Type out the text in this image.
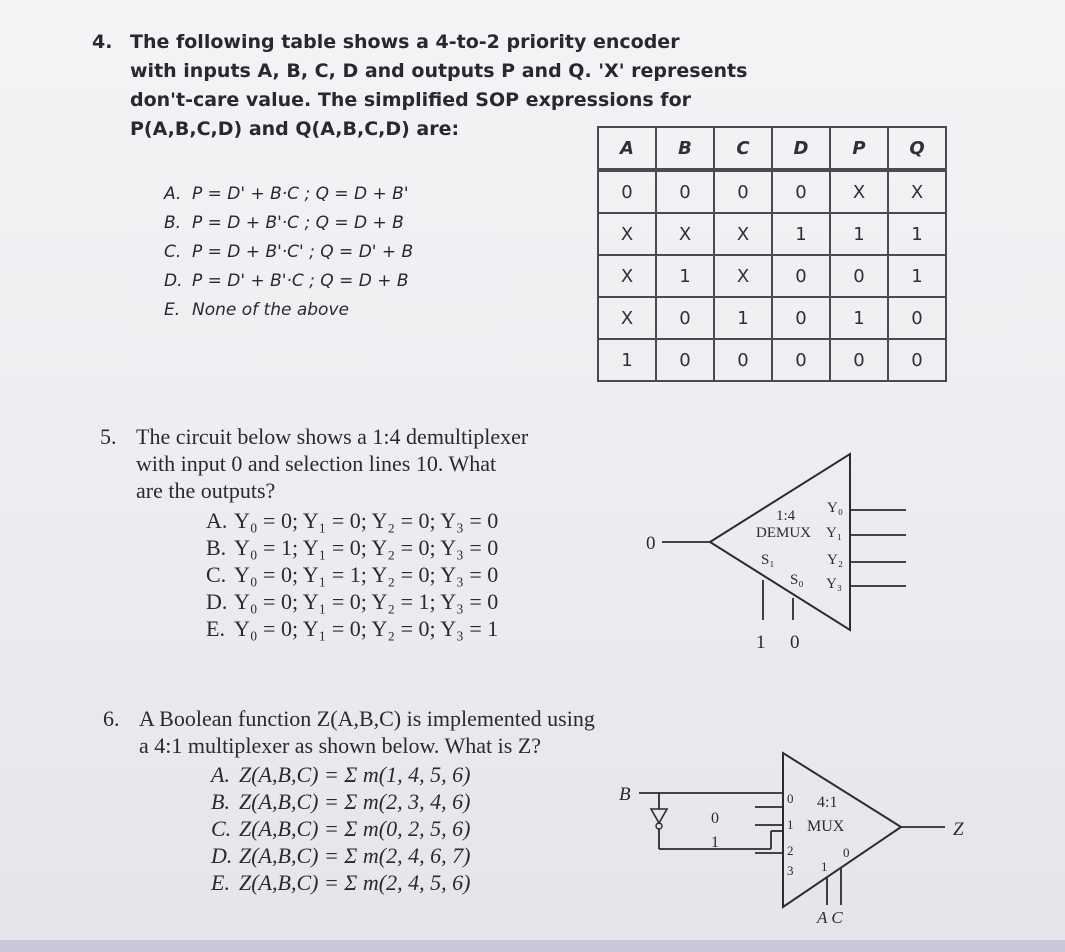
4. The following table shows a 4-to-2 priority encoder
with inputs A, B, C, D and outputs P and Q. 'X' represents
don't-care value. The simplified SOP expressions for
P(A,B,C,D) and Q(A,B,C,D) are:
A. P = D' + B·C ; Q = D + B'
B. P = D + B'·C ; Q = D + B
C. P = D + B'·C' ; Q = D' + B
D. P = D' + B'·C ; Q = D + B
E. None of the above
A	B	C	D	P	Q
0	0	0	0	X	X
X	X	X	1	1	1
X	1	X	0	0	1
X	0	1	0	1	0
1	0	0	0	0	0
5. The circuit below shows a 1:4 demultiplexer
with input 0 and selection lines 10. What
are the outputs?
A. Y₀ = 0; Y₁ = 0; Y₂ = 0; Y₃ = 0
B. Y₀ = 1; Y₁ = 0; Y₂ = 0; Y₃ = 0
C. Y₀ = 0; Y₁ = 1; Y₂ = 0; Y₃ = 0
D. Y₀ = 0; Y₁ = 0; Y₂ = 1; Y₃ = 0
E. Y₀ = 0; Y₁ = 0; Y₂ = 0; Y₃ = 1
0
1:4
DEMUX
Y₀
Y₁
Y₂
Y₃
S₁
S₀
1 0
6. A Boolean function Z(A,B,C) is implemented using
a 4:1 multiplexer as shown below. What is Z?
A. Z(A,B,C) = Σ m(1, 4, 5, 6)
B. Z(A,B,C) = Σ m(2, 3, 4, 6)
C. Z(A,B,C) = Σ m(0, 2, 5, 6)
D. Z(A,B,C) = Σ m(2, 4, 6, 7)
E. Z(A,B,C) = Σ m(2, 4, 5, 6)
B
0
1
0
1
2
3
4:1
MUX
1
0
A C
Z
